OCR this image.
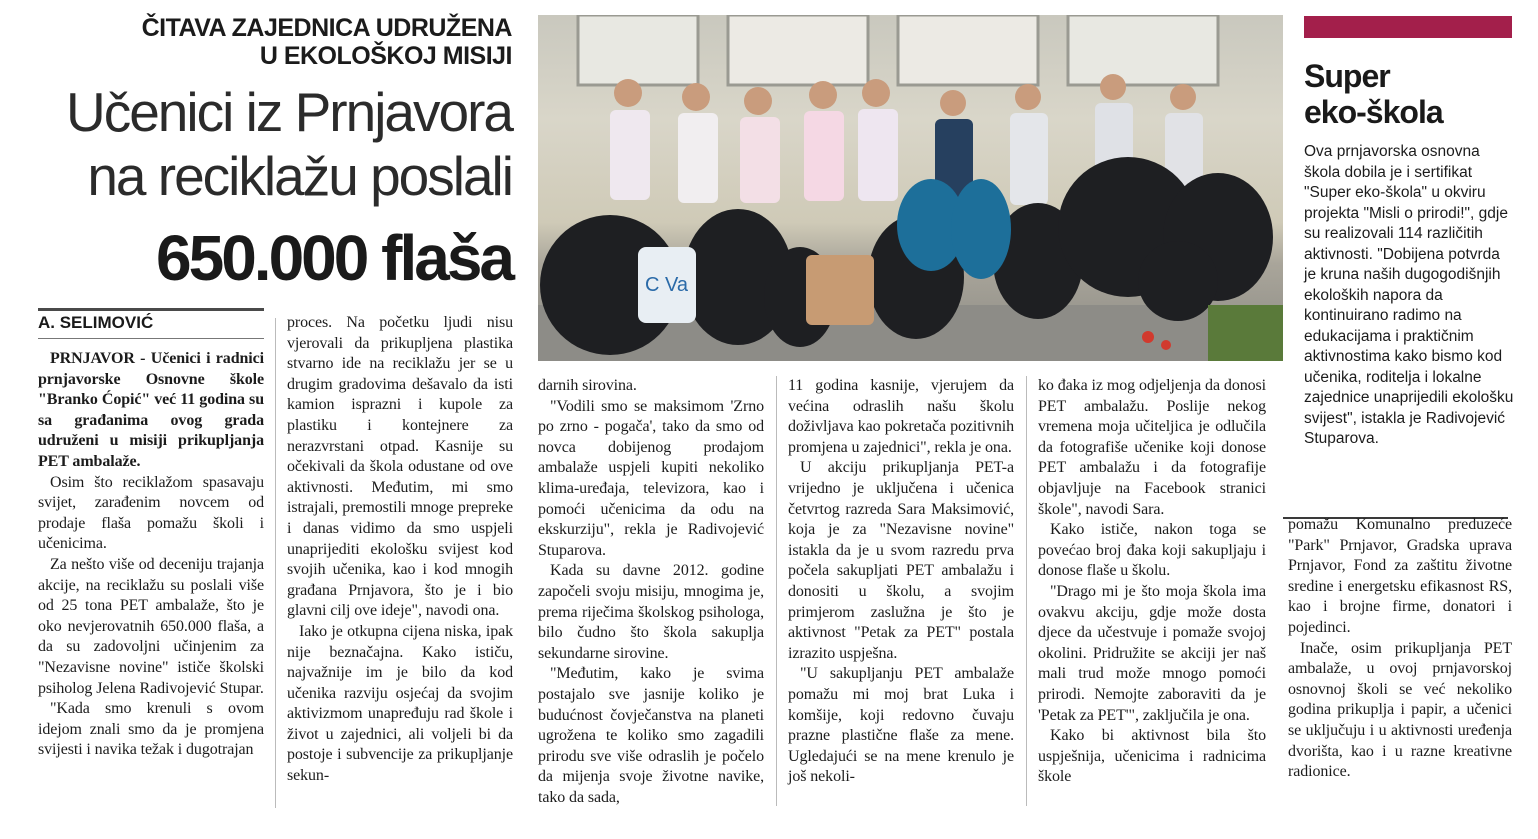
ČITAVA ZAJEDNICA UDRUŽENA
U EKOLOŠKOJ MISIJI
Učenici iz Prnjavora
na reciklažu poslali
650.000 flaša
A. SELIMOVIĆ

PRNJAVOR - Učenici i radnici prnjavorske Osnovne škole "Branko Ćopić" već 11 godina su sa građanima ovog grada udruženi u misiji prikupljanja PET ambalaže.

Osim što reciklažom spasavaju svijet, zarađenim novcem od prodaje flaša pomažu školi i učenicima.

Za nešto više od deceniju trajanja akcije, na reciklažu su poslali više od 25 tona PET ambalaže, što je oko nevjerovatnih 650.000 flaša, a da su zadovoljni učinjenim za "Nezavisne novine" ističe školski psiholog Jelena Radivojević Stupar.

"Kada smo krenuli s ovom idejom znali smo da je promjena svijesti i navika težak i dugotrajan

proces. Na početku ljudi nisu vjerovali da prikupljena plastika stvarno ide na reciklažu jer se u drugim gradovima dešavalo da isti kamion isprazni i kupole za plastiku i kontejnere za nerazvrstani otpad. Kasnije su očekivali da škola odustane od ove aktivnosti. Međutim, mi smo istrajali, premostili mnoge prepreke i danas vidimo da smo uspjeli unaprijediti ekološku svijest kod svojih učenika, kao i kod mnogih građana Prnjavora, što je i bio glavni cilj ove ideje", navodi ona.

Iako je otkupna cijena niska, ipak nije beznačajna. Kako ističu, najvažnije im je bilo da kod učenika razviju osjećaj da svojim aktivizmom unapređuju rad škole i život u zajednici, ali voljeli bi da postoje i subvencije za prikupljanje sekun-

C Va

darnih sirovina.

"Vodili smo se maksimom 'Zrno po zrno - pogača', tako da smo od novca dobijenog prodajom ambalaže uspjeli kupiti nekoliko klima-uređaja, televizora, kao i pomoći učenicima da odu na ekskurziju", rekla je Radivojević Stuparova.

Kada su davne 2012. godine započeli svoju misiju, mnogima je, prema riječima školskog psihologa, bilo čudno što škola sakuplja sekundarne sirovine.

"Međutim, kako je svima postajalo sve jasnije koliko je budućnost čovječanstva na planeti ugrožena te koliko smo zagadili prirodu sve više odraslih je počelo da mijenja svoje životne navike, tako da sada,

11 godina kasnije, vjerujem da većina odraslih našu školu doživljava kao pokretača pozitivnih promjena u zajednici", rekla je ona.

U akciju prikupljanja PET-a vrijedno je uključena i učenica četvrtog razreda Sara Maksimović, koja je za "Nezavisne novine" istakla da je u svom razredu prva počela sakupljati PET ambalažu i donositi u školu, a svojim primjerom zaslužna je što je aktivnost "Petak za PET" postala izrazito uspješna.

"U sakupljanju PET ambalaže pomažu mi moj brat Luka i komšije, koji redovno čuvaju prazne plastične flaše za mene. Ugledajući se na mene krenulo je još nekoli-

ko đaka iz mog odjeljenja da donosi PET ambalažu. Poslije nekog vremena moja učiteljica je odlučila da fotografiše učenike koji donose PET ambalažu i da fotografije objavljuje na Facebook stranici škole", navodi Sara.

Kako ističe, nakon toga se povećao broj đaka koji sakupljaju i donose flaše u školu.

"Drago mi je što moja škola ima ovakvu akciju, gdje može dosta djece da učestvuje i pomaže svojoj okolini. Pridružite se akciji jer naš mali trud može mnogo pomoći prirodi. Nemojte zaboraviti da je 'Petak za PET'", zaključila je ona.

Kako bi aktivnost bila što uspješnija, učenicima i radnicima škole

Super
eko-škola

Ova prnjavorska osnovna škola dobila je i sertifikat "Super eko-škola" u okviru projekta "Misli o prirodi!", gdje su realizovali 114 različitih aktivnosti. "Dobijena potvrda je kruna naših dugogodišnjih ekoloških napora da kontinuirano radimo na edukacijama i praktičnim aktivnostima kako bismo kod učenika, roditelja i lokalne zajednice unaprijedili ekološku svijest", istakla je Radivojević Stuparova.

pomažu Komunalno preduzeće "Park" Prnjavor, Gradska uprava Prnjavor, Fond za zaštitu životne sredine i energetsku efikasnost RS, kao i brojne firme, donatori i pojedinci.

Inače, osim prikupljanja PET ambalaže, u ovoj prnjavorskoj osnovnoj školi se već nekoliko godina prikuplja i papir, a učenici se uključuju i u aktivnosti uređenja dvorišta, kao i u razne kreativne radionice.
